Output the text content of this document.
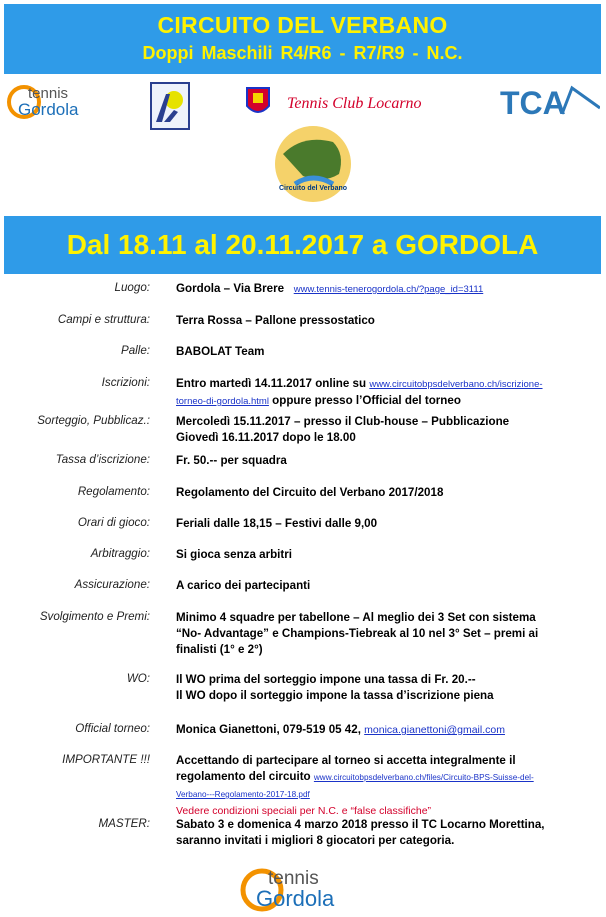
CIRCUITO DEL VERBANO
Doppi Maschili R4/R6 - R7/R9 - N.C.
tennis
Gordola	Tennis Club Locarno TCA
Circuito del Verbano
Dal 18.11 al 20.11.2017 a GORDOLA
Luogo: Gordola – Via Brere www.tennis-tenerogordola.ch/?page_id=3111
Campi e struttura: Terra Rossa – Pallone pressostatico
Palle: BABOLAT Team
Iscrizioni: Entro martedì 14.11.2017 online su www.circuitobpsdelverbano.ch/iscrizione-
torneo-di-gordola.html oppure presso l’Official del torneo
Sorteggio, Pubblicaz.: Mercoledì 15.11.2017 – presso il Club-house – Pubblicazione
Giovedì 16.11.2017 dopo le 18.00
Tassa d’iscrizione: Fr. 50.-- per squadra
Regolamento: Regolamento del Circuito del Verbano 2017/2018
Orari di gioco: Feriali dalle 18,15 – Festivi dalle 9,00
Arbitraggio: Si gioca senza arbitri
Assicurazione: A carico dei partecipanti
Svolgimento e Premi: Minimo 4 squadre per tabellone – Al meglio dei 3 Set con sistema
“No- Advantage” e Champions-Tiebreak al 10 nel 3° Set – premi ai
finalisti (1° e 2°)
WO: Il WO prima del sorteggio impone una tassa di Fr. 20.--
Il WO dopo il sorteggio impone la tassa d’iscrizione piena
Official torneo: Monica Gianettoni, 079-519 05 42, monica.gianettoni@gmail.com
IMPORTANTE !!! Accettando di partecipare al torneo si accetta integralmente il
regolamento del circuito www.circuitobpsdelverbano.ch/files/Circuito-BPS-Suisse-del-
Verbano---Regolamento-2017-18.pdf
Vedere condizioni speciali per N.C. e “false classifiche”
MASTER: Sabato 3 e domenica 4 marzo 2018 presso il TC Locarno Morettina,
saranno invitati i migliori 8 giocatori per categoria.
tennis
Gordola
